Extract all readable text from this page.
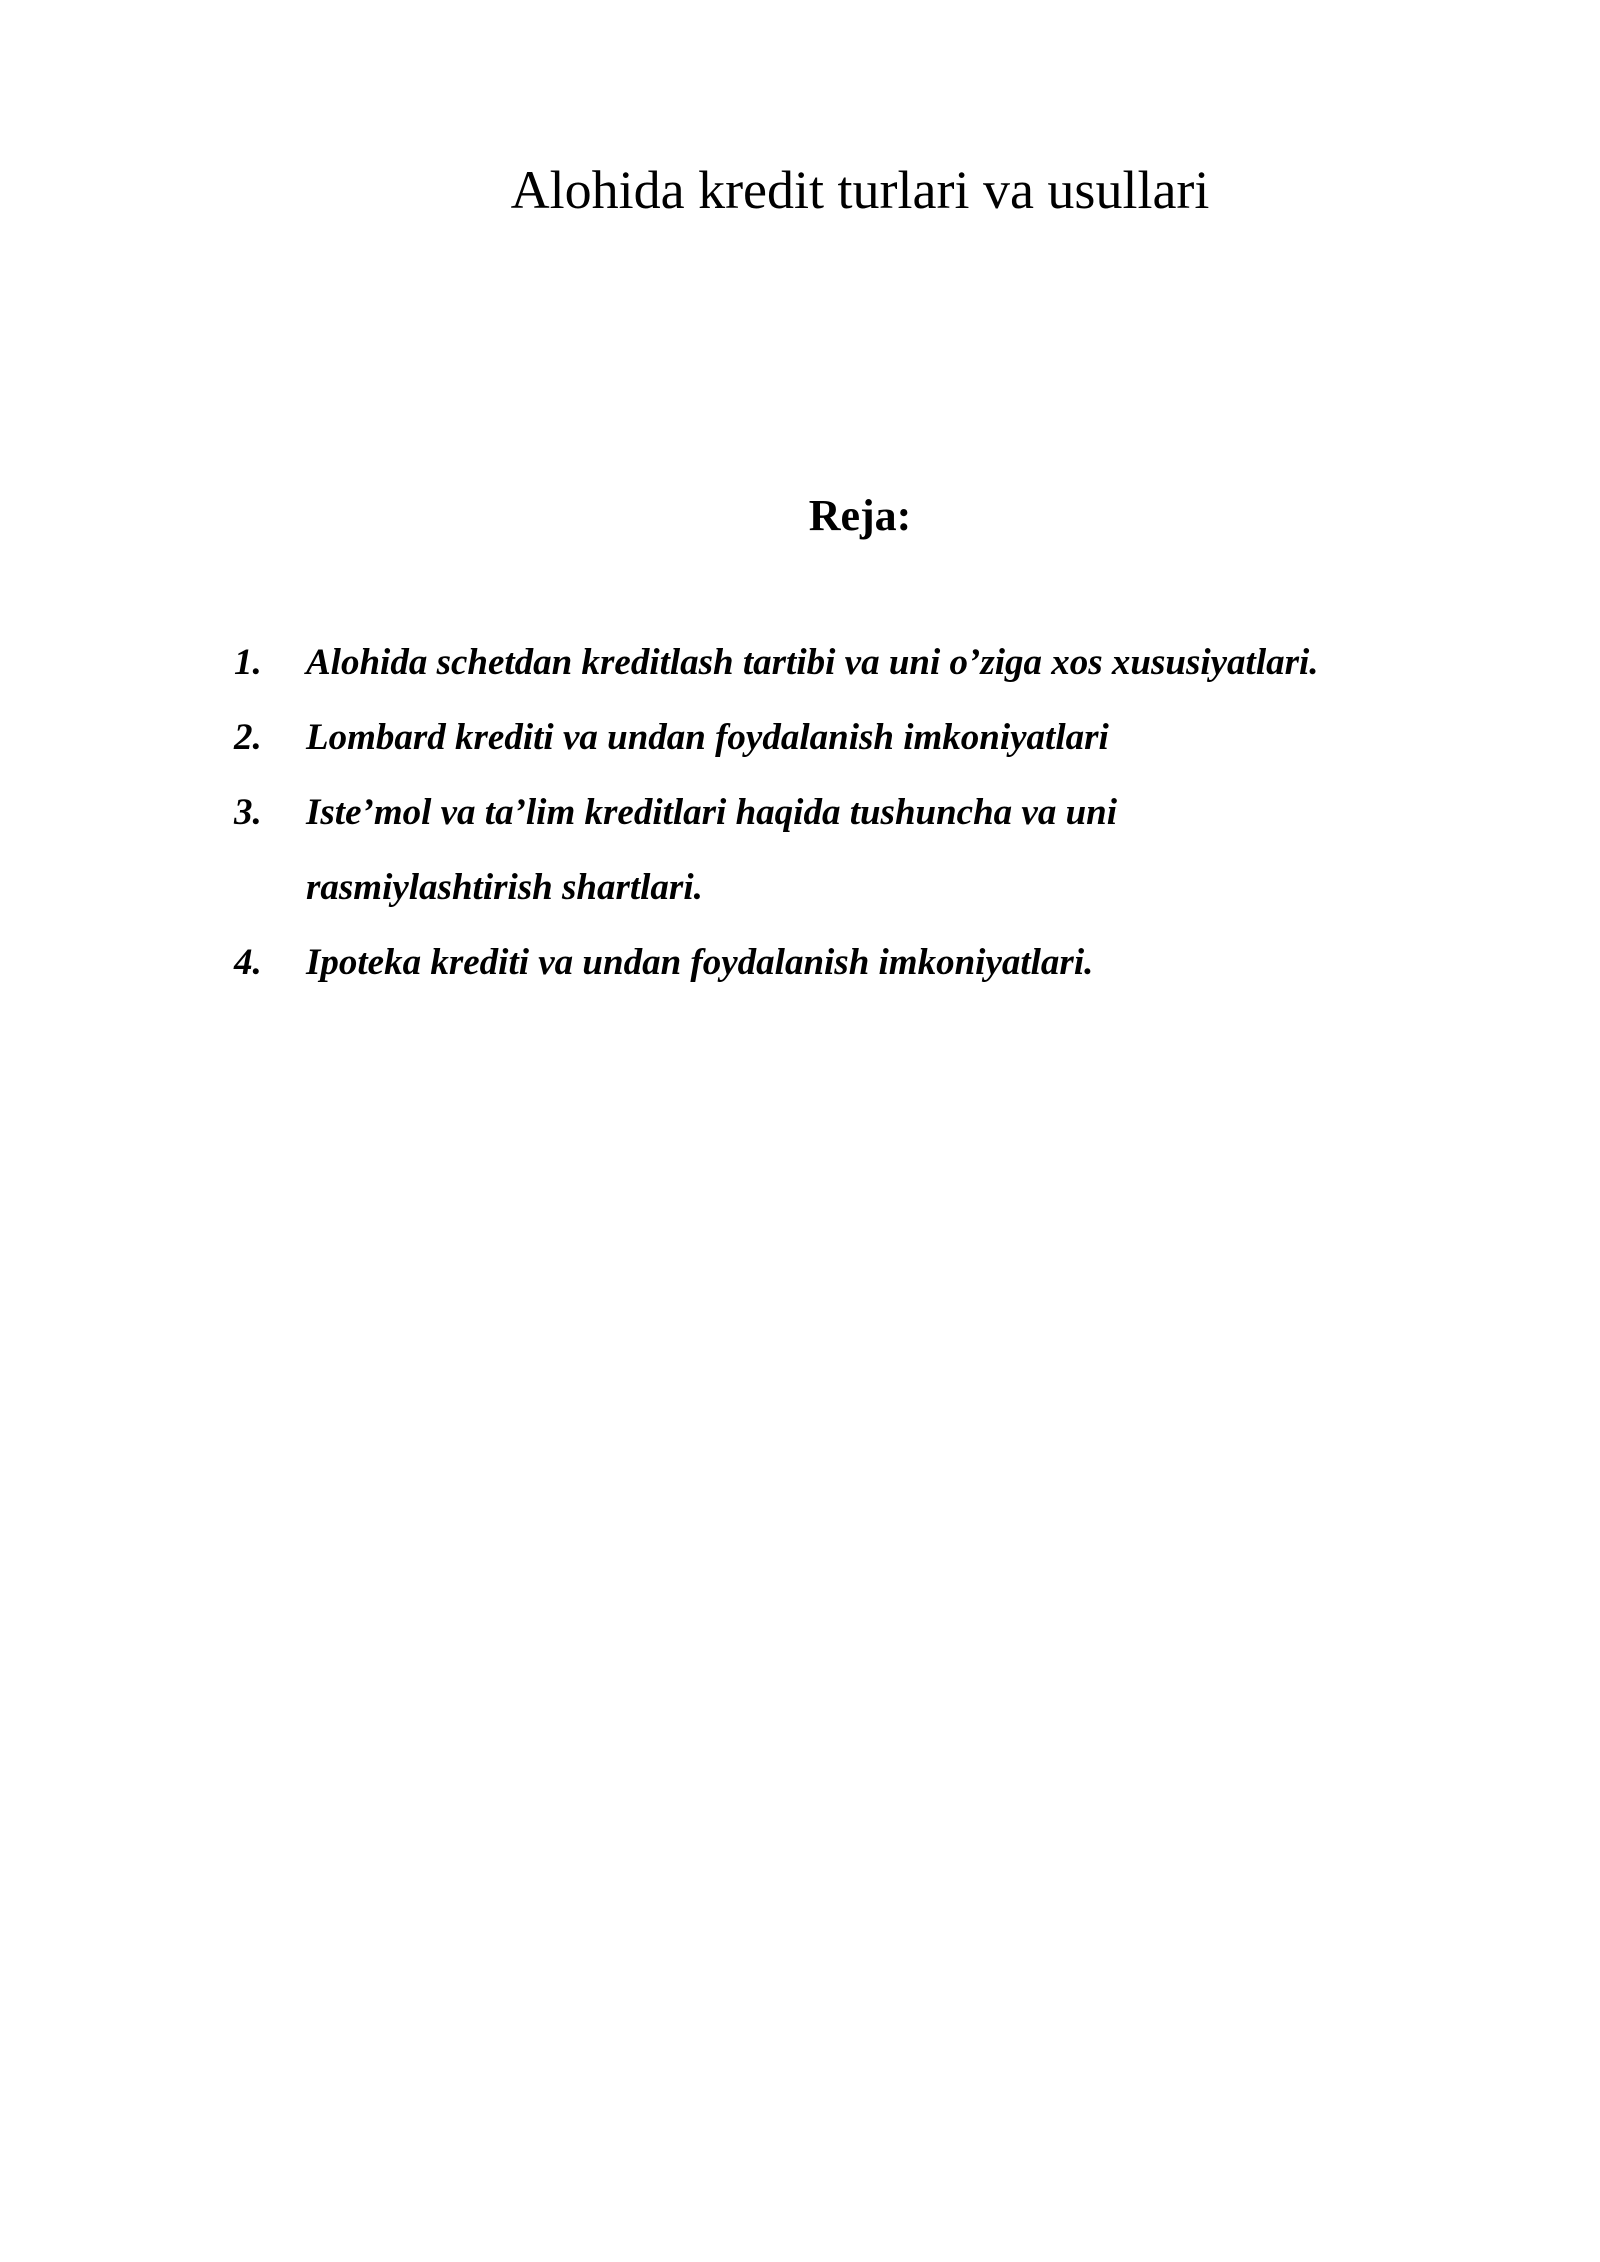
Alohida kredit turlari va usullari
Reja:
1.	Alohida schetdan kreditlash tartibi va uni o’ziga xos xususiyatlari.
2.	Lombard krediti va undan foydalanish imkoniyatlari
3.	Iste’mol va ta’lim kreditlari haqida tushuncha va uni rasmiylashtirish shartlari.
4.	Ipoteka krediti va undan foydalanish imkoniyatlari.
